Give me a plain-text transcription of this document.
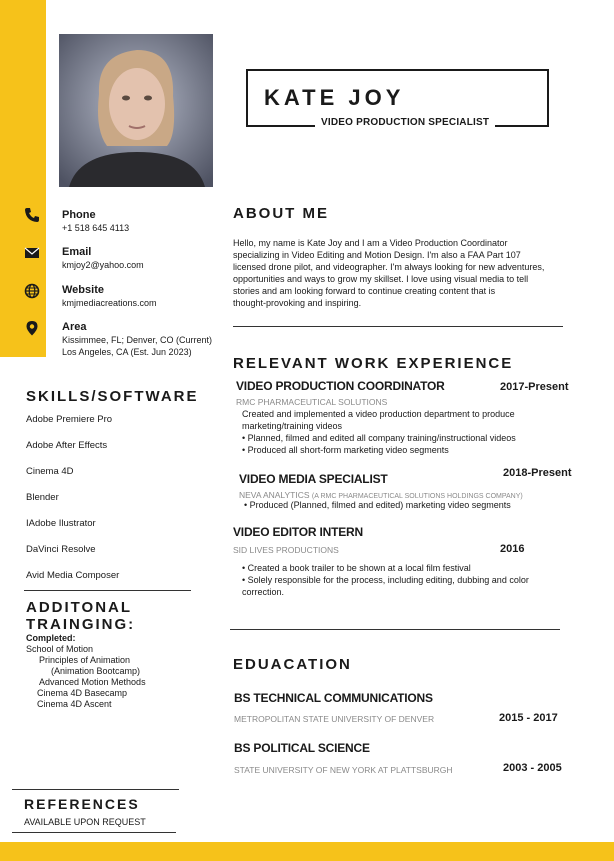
KATE JOY
VIDEO PRODUCTION SPECIALIST
Phone
+1 518 645 4113
Email
kmjoy2@yahoo.com
Website
kmjmediacreations.com
Area
Kissimmee, FL; Denver, CO (Current)
Los Angeles, CA (Est. Jun 2023)
SKILLS/SOFTWARE
Adobe Premiere Pro
Adobe After Effects
Cinema 4D
Blender
IAdobe Ilustrator
DaVinci Resolve
Avid Media Composer
ADDITONAL
TRAINGING:
Completed:
School of Motion
Principles of Animation
(Animation Bootcamp)
Advanced Motion Methods
Cinema 4D Basecamp
Cinema 4D Ascent
REFERENCES
AVAILABLE UPON REQUEST
ABOUT ME
Hello, my name is Kate Joy and I am a Video Production Coordinator
specializing in Video Editing and Motion Design. I'm also a FAA Part 107
licensed drone pilot, and videographer. I'm always looking for new adventures,
opportunities and ways to grow my skillset. I love using visual media to tell
stories and am looking forward to continue creating content that is
thought-provoking and inspiring.
RELEVANT WORK EXPERIENCE
VIDEO PRODUCTION COORDINATOR	2017-Present
RMC PHARMACEUTICAL SOLUTIONS
Created and implemented a video production department to produce
marketing/training videos
• Planned, filmed and edited all company training/instructional videos
• Produced all short-form marketing video segments
VIDEO MEDIA SPECIALIST	2018-Present
NEVA ANALYTICS (A RMC PHARMACEUTICAL SOLUTIONS HOLDINGS COMPANY)
• Produced (Planned, filmed and edited) marketing video segments
VIDEO EDITOR INTERN
2016
SID LIVES PRODUCTIONS
• Created a book trailer to be shown at a local film festival
• Solely responsible for the process, including editing, dubbing and color
correction.
EDUACATION
BS TECHNICAL COMMUNICATIONS
METROPOLITAN STATE UNIVERSITY OF DENVER	2015 - 2017
BS POLITICAL SCIENCE
STATE UNIVERSITY OF NEW YORK AT PLATTSBURGH	2003 - 2005
